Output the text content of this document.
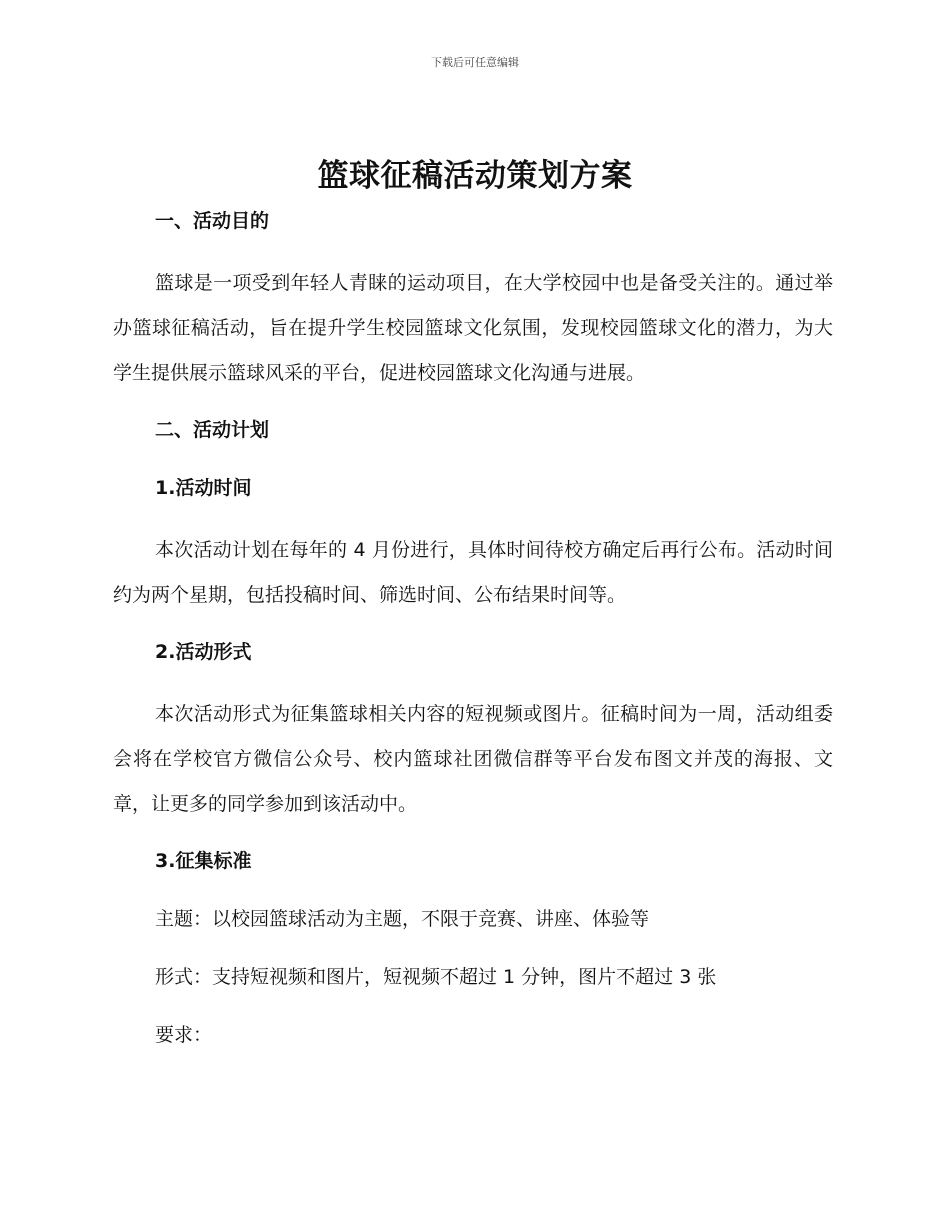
下载后可任意编辑
篮球征稿活动策划方案

一、活动目的

篮球是一项受到年轻人青睐的运动项目，在大学校园中也是备受关注的。通过举办篮球征稿活动，旨在提升学生校园篮球文化氛围，发现校园篮球文化的潜力，为大学生提供展示篮球风采的平台，促进校园篮球文化沟通与进展。

二、活动计划

1.活动时间

本次活动计划在每年的 4 月份进行，具体时间待校方确定后再行公布。活动时间约为两个星期，包括投稿时间、筛选时间、公布结果时间等。

2.活动形式

本次活动形式为征集篮球相关内容的短视频或图片。征稿时间为一周，活动组委会将在学校官方微信公众号、校内篮球社团微信群等平台发布图文并茂的海报、文章，让更多的同学参加到该活动中。

3.征集标准

主题：以校园篮球活动为主题，不限于竞赛、讲座、体验等

形式：支持短视频和图片，短视频不超过 1 分钟，图片不超过 3 张

要求：
